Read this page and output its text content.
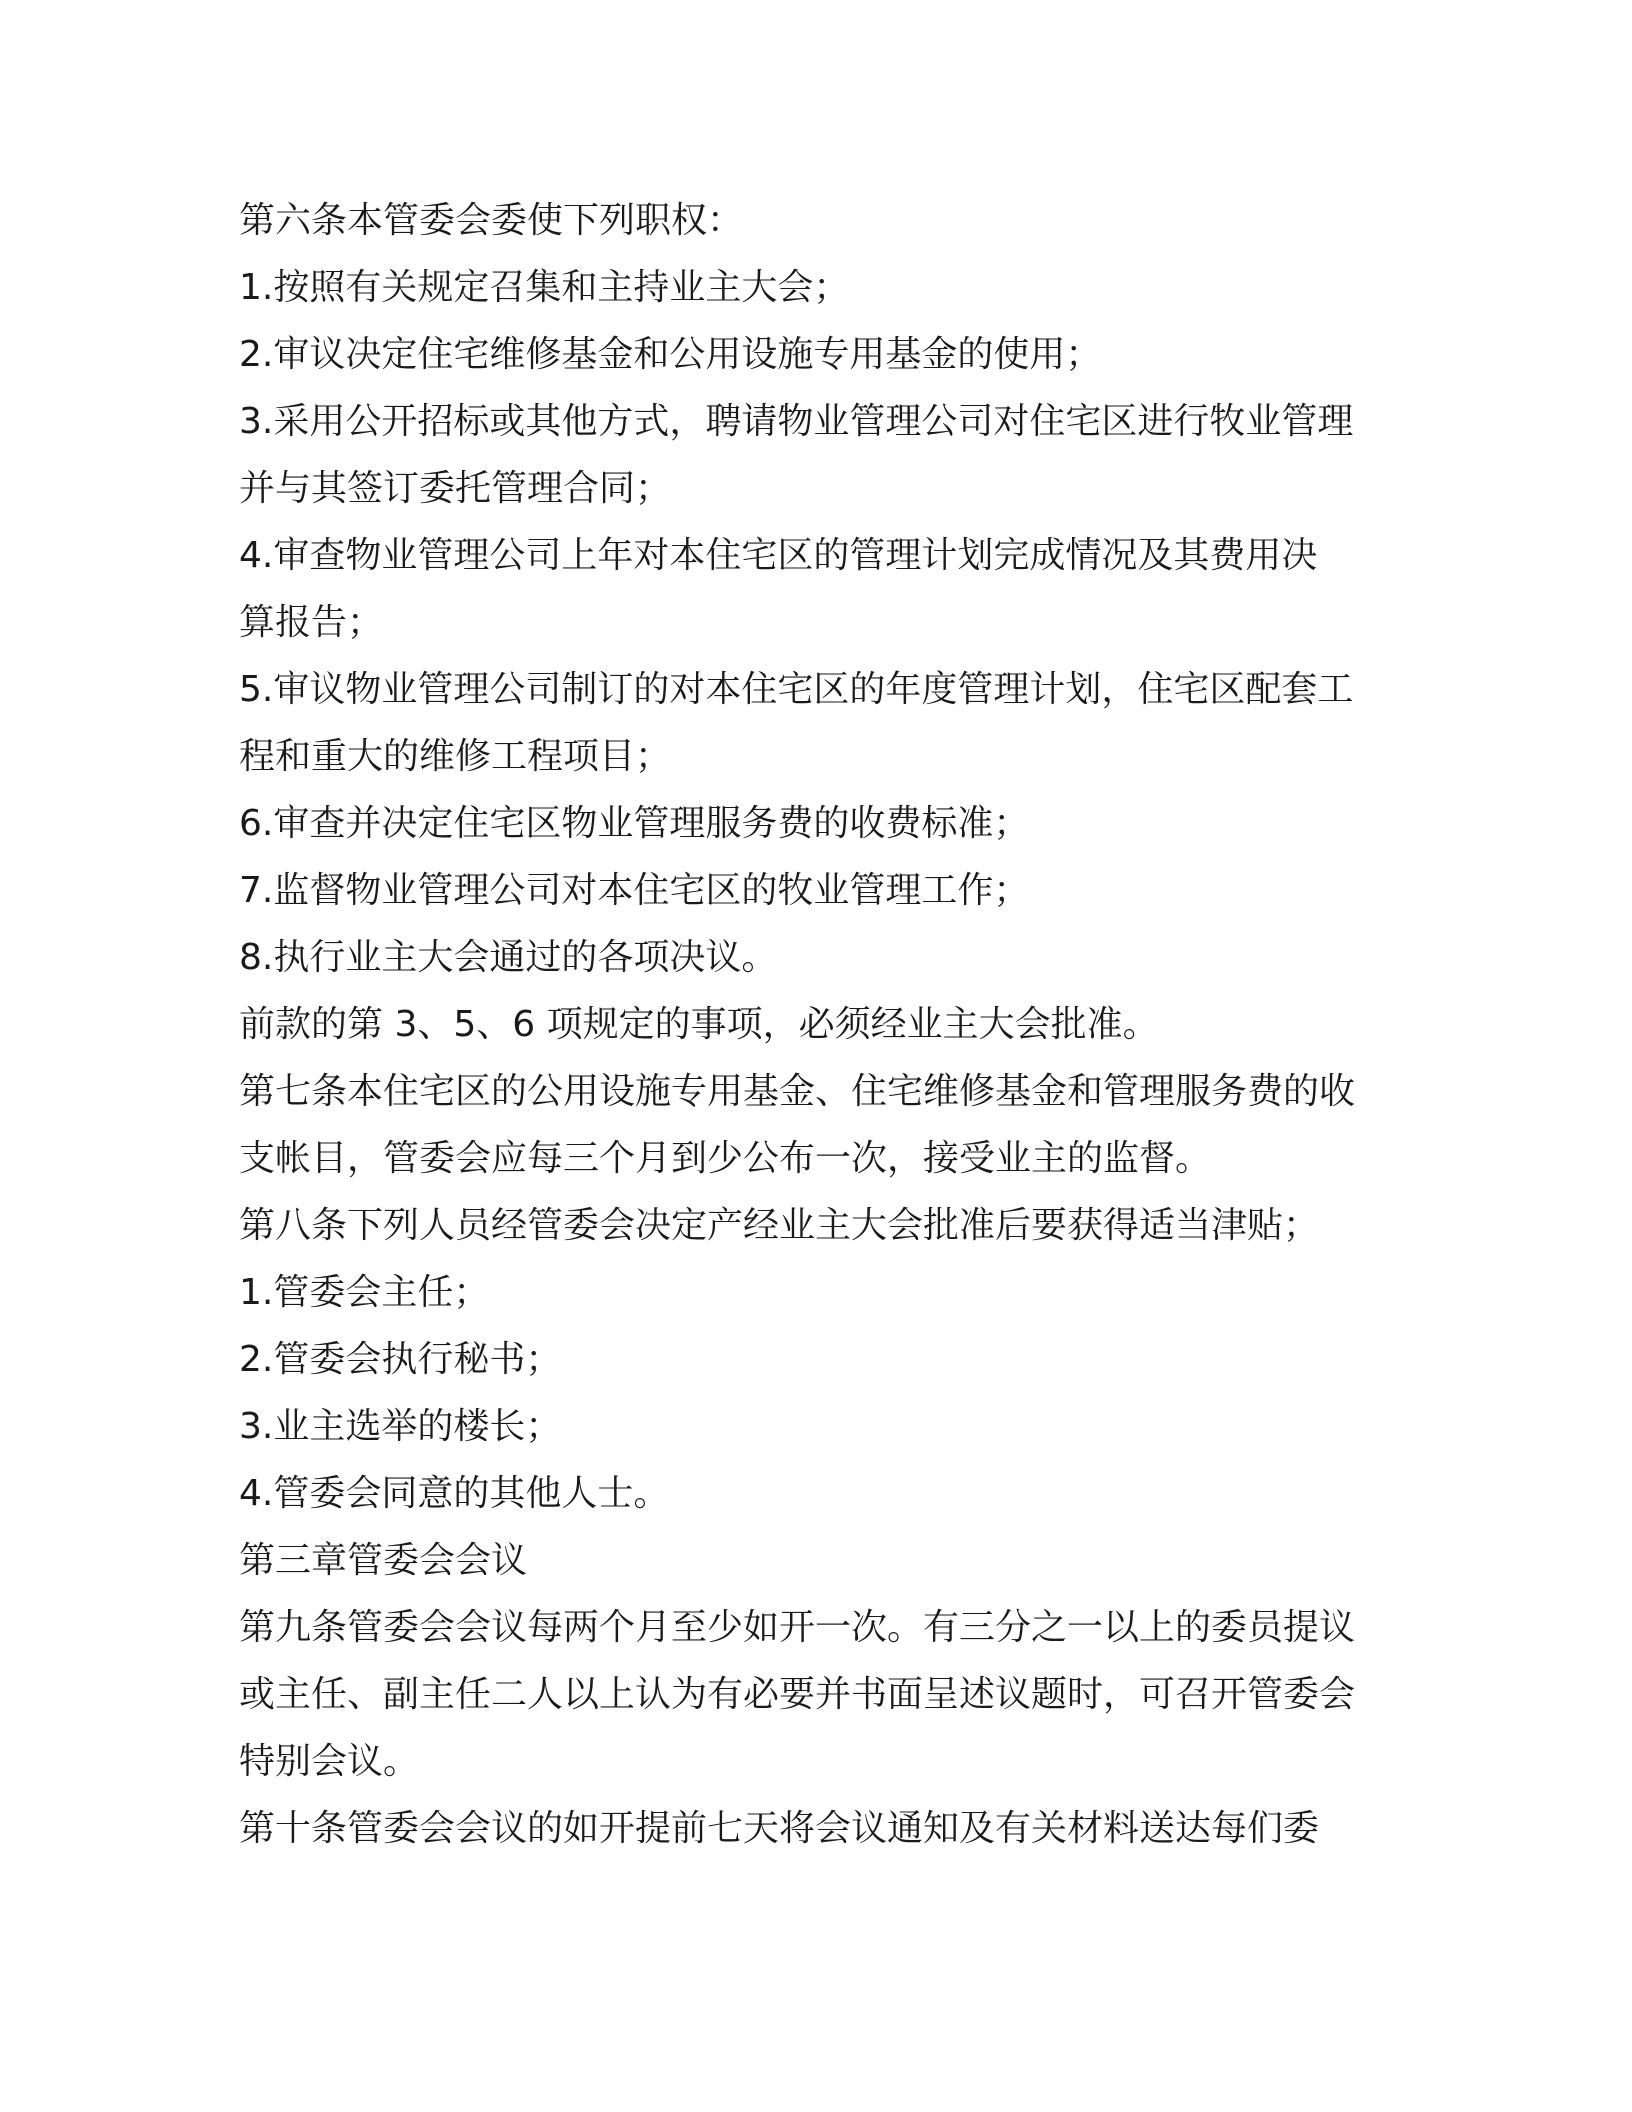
第六条本管委会委使下列职权：
1.按照有关规定召集和主持业主大会；
2.审议决定住宅维修基金和公用设施专用基金的使用；
3.采用公开招标或其他方式，聘请物业管理公司对住宅区进行牧业管理
并与其签订委托管理合同；
4.审查物业管理公司上年对本住宅区的管理计划完成情况及其费用决
算报告；
5.审议物业管理公司制订的对本住宅区的年度管理计划，住宅区配套工
程和重大的维修工程项目；
6.审查并决定住宅区物业管理服务费的收费标准；
7.监督物业管理公司对本住宅区的牧业管理工作；
8.执行业主大会通过的各项决议。
前款的第 3、5、6 项规定的事项，必须经业主大会批准。
第七条本住宅区的公用设施专用基金、住宅维修基金和管理服务费的收
支帐目，管委会应每三个月到少公布一次，接受业主的监督。
第八条下列人员经管委会决定产经业主大会批准后要获得适当津贴；
1.管委会主任；
2.管委会执行秘书；
3.业主选举的楼长；
4.管委会同意的其他人士。
第三章管委会会议
第九条管委会会议每两个月至少如开一次。有三分之一以上的委员提议
或主任、副主任二人以上认为有必要并书面呈述议题时，可召开管委会
特别会议。
第十条管委会会议的如开提前七天将会议通知及有关材料送达每们委
